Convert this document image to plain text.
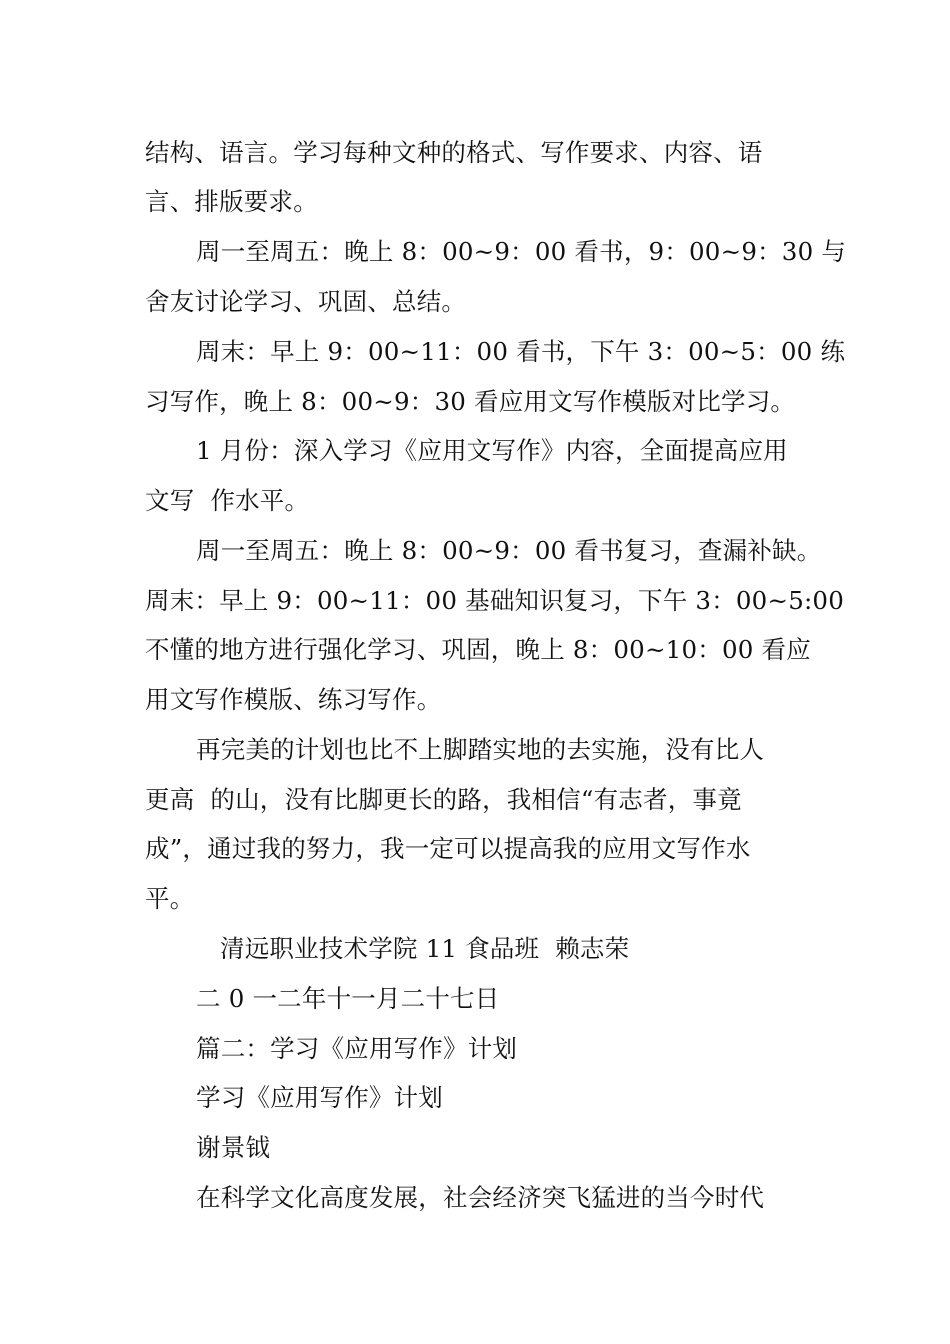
结构、语言。学习每种文种的格式、写作要求、内容、语
言、排版要求。
周一至周五：晚上 8：00~9：00 看书，9：00~9：30 与
舍友讨论学习、巩固、总结。
周末：早上 9：00~11：00 看书，下午 3：00~5：00 练
习写作，晚上 8：00~9：30 看应用文写作模版对比学习。
1 月份：深入学习《应用文写作》内容，全面提高应用
文写  作水平。
周一至周五：晚上 8：00~9：00 看书复习，查漏补缺。
周末：早上 9：00~11：00 基础知识复习，下午 3：00~5:00
不懂的地方进行强化学习、巩固，晚上 8：00~10：00 看应
用文写作模版、练习写作。
再完美的计划也比不上脚踏实地的去实施，没有比人
更高  的山，没有比脚更长的路，我相信“有志者，事竟
成”，通过我的努力，我一定可以提高我的应用文写作水
平。
清远职业技术学院 11 食品班  赖志荣
二 0 一二年十一月二十七日
篇二：学习《应用写作》计划
学习《应用写作》计划
谢景钺
在科学文化高度发展，社会经济突飞猛进的当今时代
